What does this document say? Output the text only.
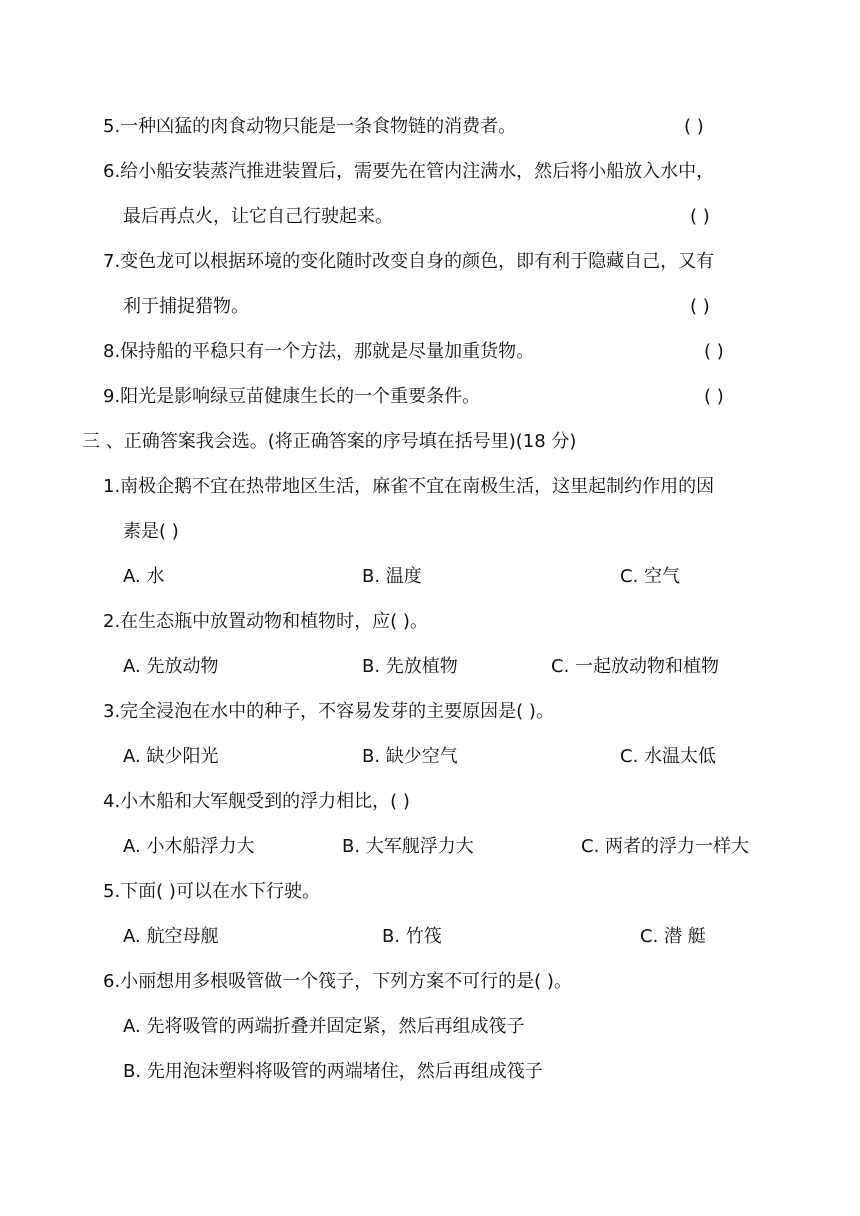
5.一种凶猛的肉食动物只能是一条食物链的消费者。	( )
6.给小船安装蒸汽推进装置后，需要先在管内注满水，然后将小船放入水中，
最后再点火，让它自己行驶起来。	( )
7.变色龙可以根据环境的变化随时改变自身的颜色，即有利于隐藏自己，又有
利于捕捉猎物。	( )
8.保持船的平稳只有一个方法，那就是尽量加重货物。	( )
9.阳光是影响绿豆苗健康生长的一个重要条件。	( )
三 、正确答案我会选。(将正确答案的序号填在括号里)(18 分)
1.南极企鹅不宜在热带地区生活，麻雀不宜在南极生活，这里起制约作用的因
素是( )
A. 水	B. 温度	C. 空气
2.在生态瓶中放置动物和植物时，应( )。
A. 先放动物	B. 先放植物	C. 一起放动物和植物
3.完全浸泡在水中的种子，不容易发芽的主要原因是( )。
A. 缺少阳光	B. 缺少空气	C. 水温太低
4.小木船和大军舰受到的浮力相比，( )
A. 小木船浮力大	B. 大军舰浮力大	C. 两者的浮力一样大
5.下面( )可以在水下行驶。
A. 航空母舰	B. 竹筏	C. 潜 艇
6.小丽想用多根吸管做一个筏子，下列方案不可行的是( )。
A. 先将吸管的两端折叠并固定紧，然后再组成筏子
B. 先用泡沫塑料将吸管的两端堵住，然后再组成筏子
